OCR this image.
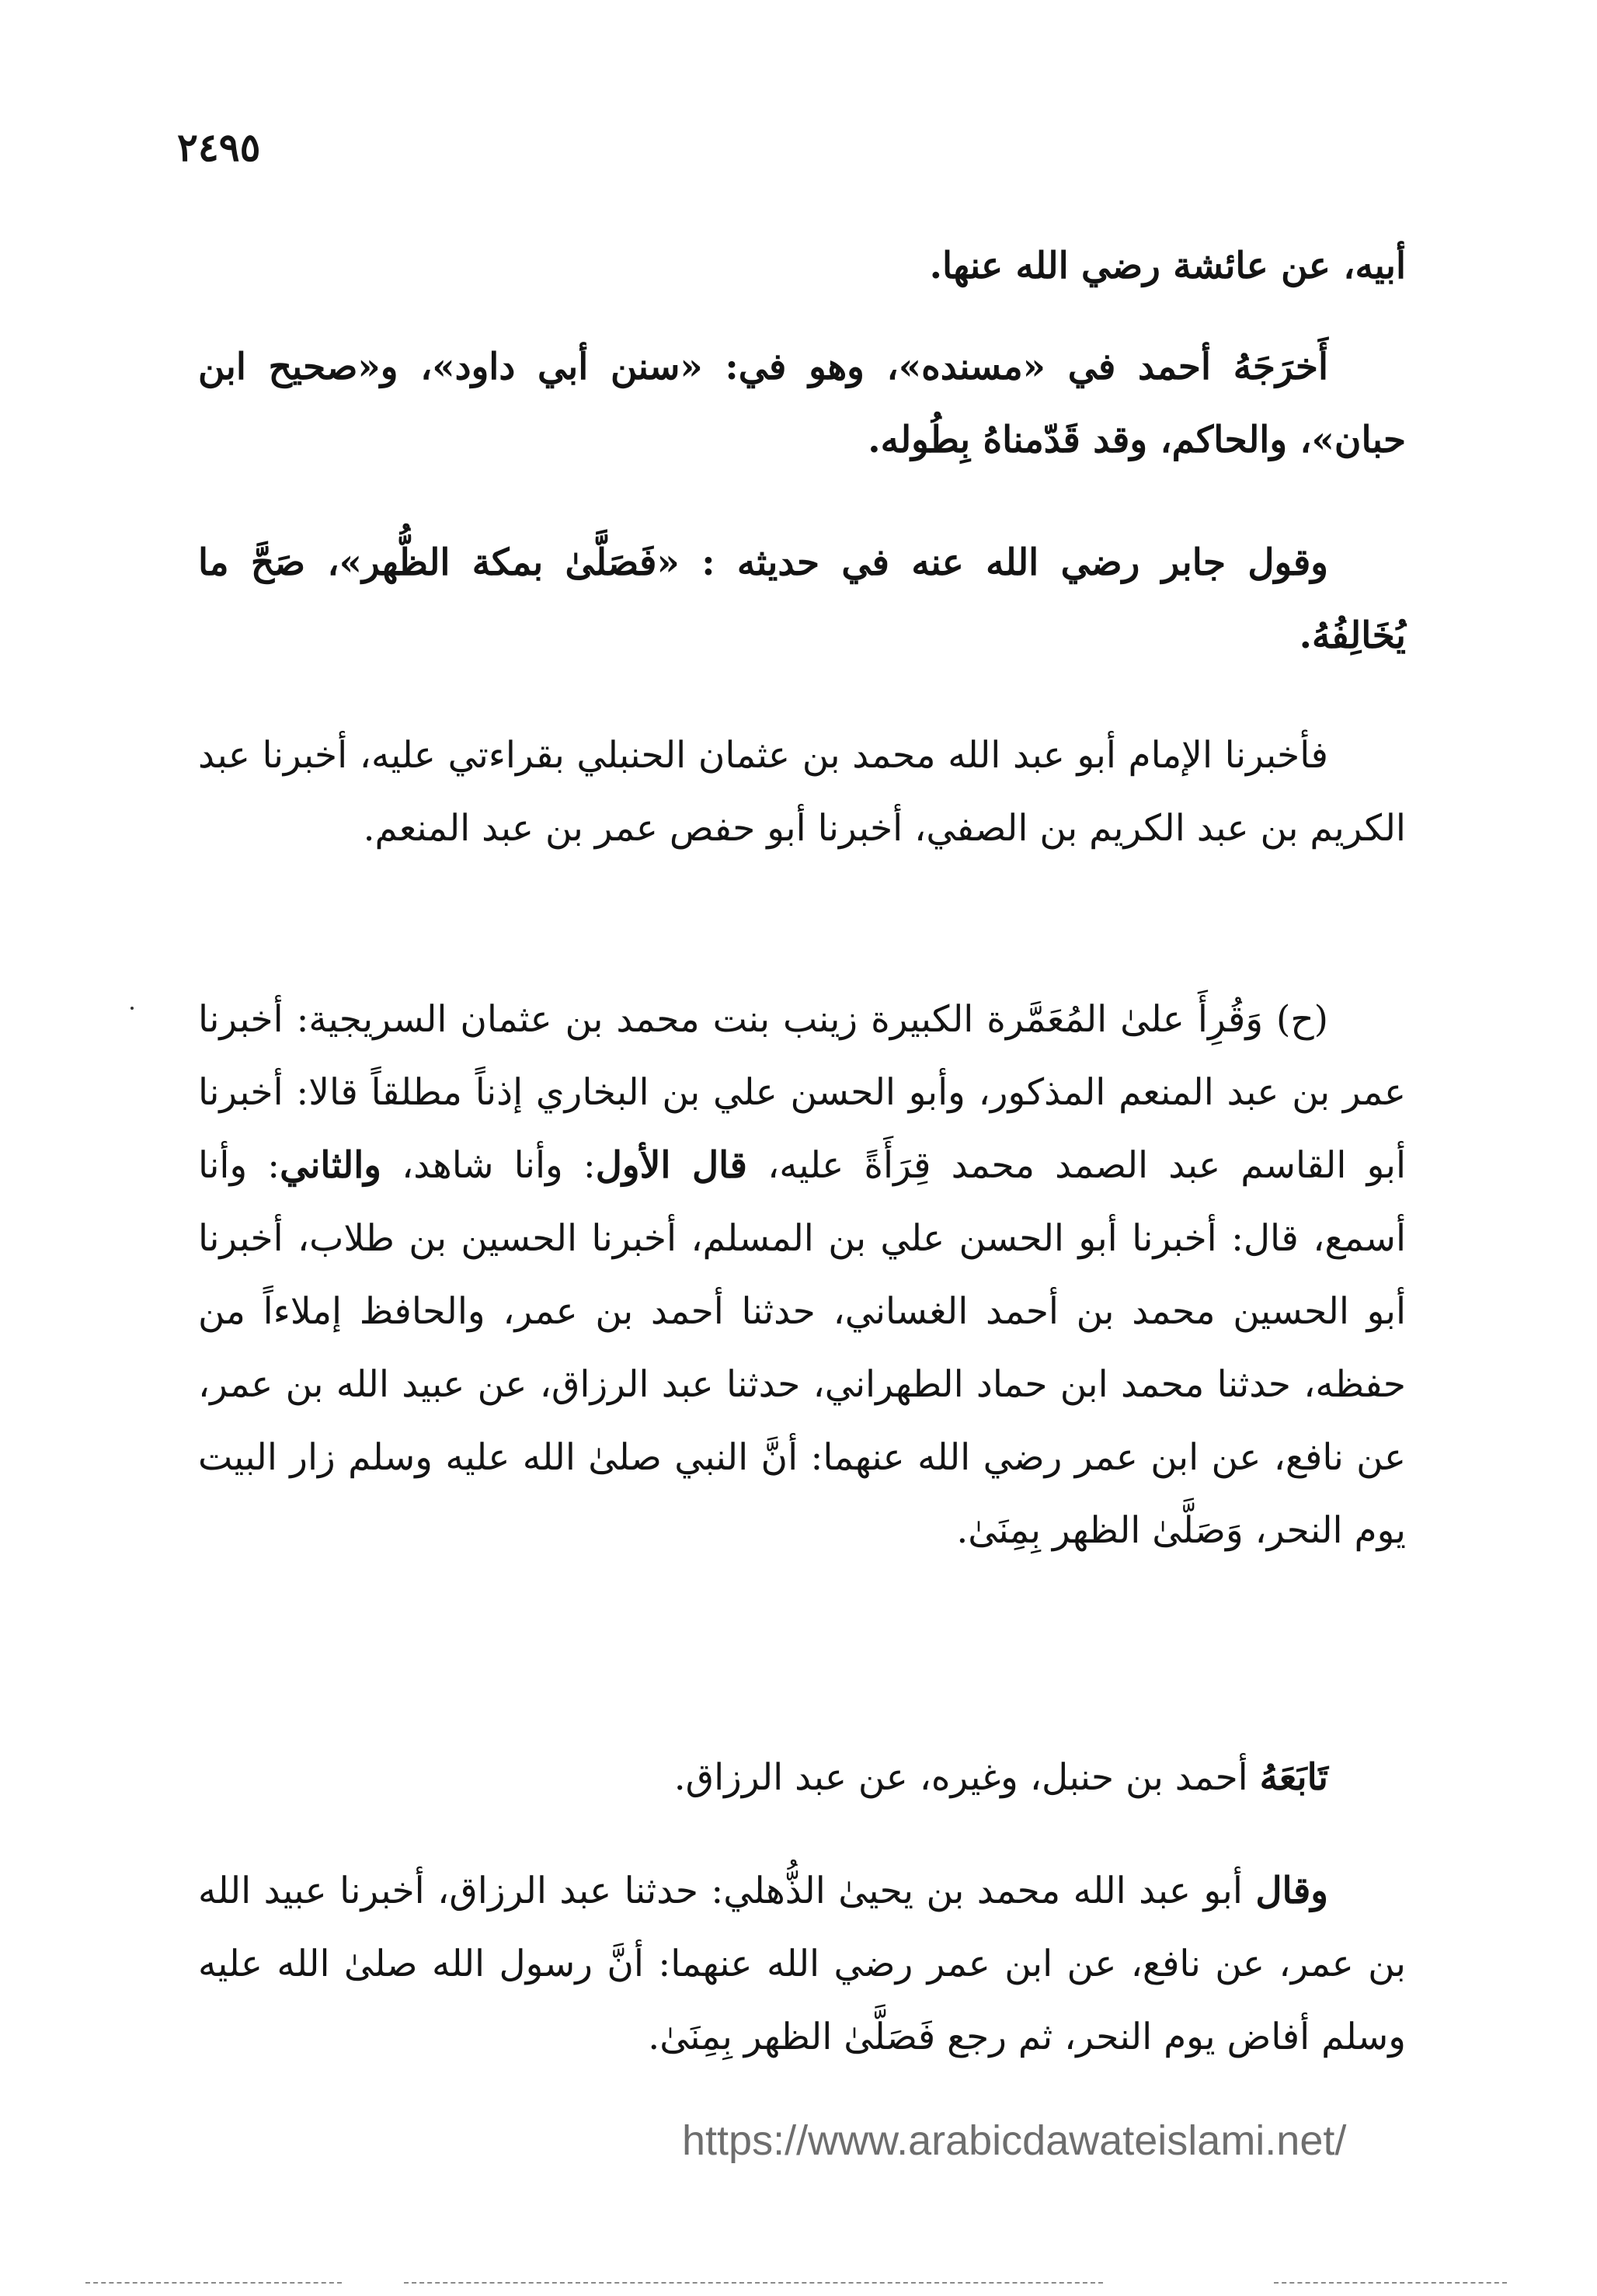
٢٤٩٥

أبيه، عن عائشة رضي الله عنها.

أَخرَجَهُ أحمد في «مسنده»، وهو في: «سنن أبي داود»، و«صحيح ابن حبان»، والحاكم، وقد قَدّمناهُ بِطُوله.

وقول جابر رضي الله عنه في حديثه : «فَصَلَّىٰ بمكة الظُّهر»، صَحَّ ما يُخَالِفُهُ.

فأخبرنا الإمام أبو عبد الله محمد بن عثمان الحنبلي بقراءتي عليه، أخبرنا عبد الكريم بن عبد الكريم بن الصفي، أخبرنا أبو حفص عمر بن عبد المنعم.

(ح) وَقُرِأَ علىٰ المُعَمَّرة الكبيرة زينب بنت محمد بن عثمان السريجية: أخبرنا عمر بن عبد المنعم المذكور، وأبو الحسن علي بن البخاري إذناً مطلقاً قالا: أخبرنا أبو القاسم عبد الصمد محمد قِرَأَةً عليه، قال الأول: وأنا شاهد، والثاني: وأنا أسمع، قال: أخبرنا أبو الحسن علي بن المسلم، أخبرنا الحسين بن طلاب، أخبرنا أبو الحسين محمد بن أحمد الغساني، حدثنا أحمد بن عمر، والحافظ إملاءاً من حفظه، حدثنا محمد ابن حماد الطهراني، حدثنا عبد الرزاق، عن عبيد الله بن عمر، عن نافع، عن ابن عمر رضي الله عنهما: أنَّ النبي صلىٰ الله عليه وسلم زار البيت يوم النحر، وَصَلَّىٰ الظهر بِمِنَىٰ.

تَابَعَهُ أحمد بن حنبل، وغيره، عن عبد الرزاق.

وقال أبو عبد الله محمد بن يحيىٰ الذُّهلي: حدثنا عبد الرزاق، أخبرنا عبيد الله بن عمر، عن نافع، عن ابن عمر رضي الله عنهما: أنَّ رسول الله صلىٰ الله عليه وسلم أفاض يوم النحر، ثم رجع فَصَلَّىٰ الظهر بِمِنَىٰ.

https://www.arabicdawateislami.net/
